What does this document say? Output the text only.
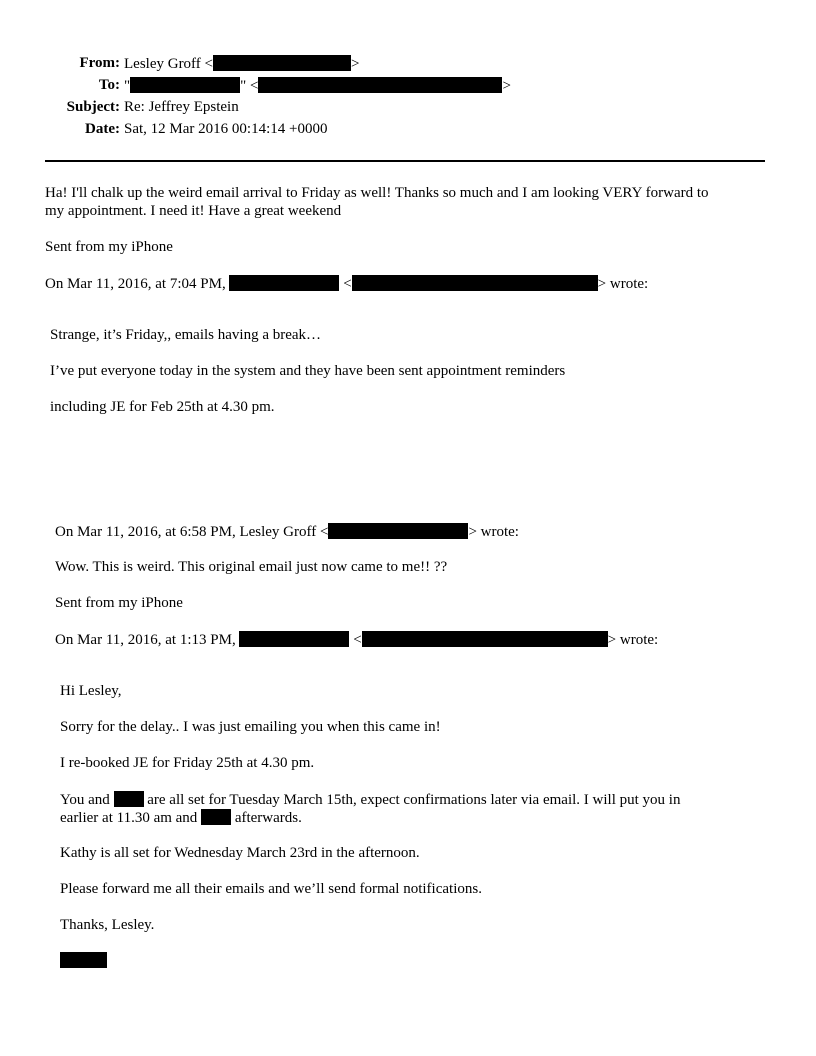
From: Lesley Groff <	>
To: "	" <	>
Subject: Re: Jeffrey Epstein
Date: Sat, 12 Mar 2016 00:14:14 +0000
Ha! I'll chalk up the weird email arrival to Friday as well! Thanks so much and I am looking VERY forward to
my appointment. I need it! Have a great weekend
Sent from my iPhone
On Mar 11, 2016, at 7:04 PM,	<	> wrote:
Strange, it’s Friday,, emails having a break…
I’ve put everyone today in the system and they have been sent appointment reminders
including JE for Feb 25th at 4.30 pm.
On Mar 11, 2016, at 6:58 PM, Lesley Groff <	> wrote:
Wow. This is weird. This original email just now came to me!! ??
Sent from my iPhone
On Mar 11, 2016, at 1:13 PM,	<	> wrote:
Hi Lesley,
Sorry for the delay.. I was just emailing you when this came in!
I re-booked JE for Friday 25th at 4.30 pm.
You and	are all set for Tuesday March 15th, expect confirmations later via email. I will put you in
earlier at 11.30 am and	afterwards.
Kathy is all set for Wednesday March 23rd in the afternoon.
Please forward me all their emails and we’ll send formal notifications.
Thanks, Lesley.
